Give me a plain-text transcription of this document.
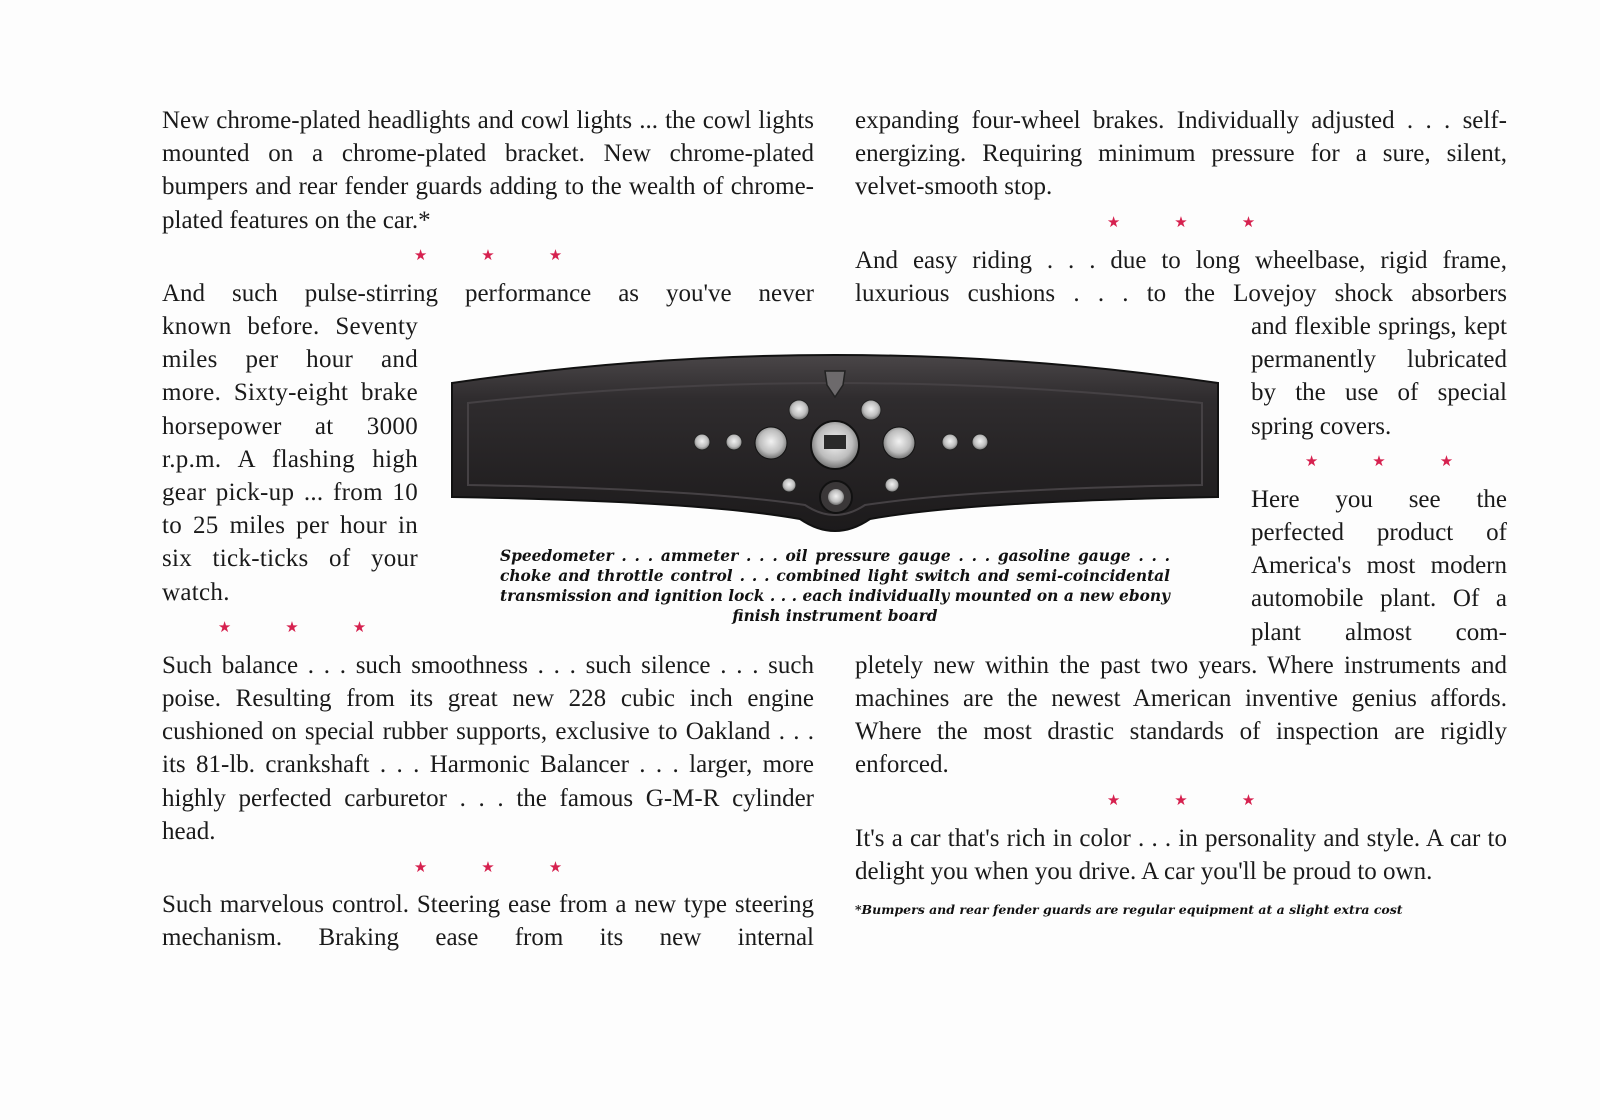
New chrome-plated headlights and cowl lights ... the cowl lights mounted on a chrome-plated bracket. New chrome-plated bumpers and rear fender guards adding to the wealth of chrome-plated features on the car.*

★	★	★

And such pulse-stirring performance as you've never

known before. Seventy miles per hour and more. Sixty-eight brake horsepower at 3000 r.p.m. A flashing high gear pick-up ... from 10 to 25 miles per hour in six tick-ticks of your watch.

★	★	★

Such balance . . . such smoothness . . . such silence . . . such poise. Resulting from its great new 228 cubic inch engine cushioned on special rubber supports, exclusive to Oakland . . . its 81-lb. crankshaft . . . Harmonic Balancer . . . larger, more highly perfected carburetor . . . the famous G-M-R cylinder head.

★	★	★

Such marvelous control. Steering ease from a new type steering mechanism. Braking ease from its new internal

expanding four-wheel brakes. Individually adjusted . . . self-energizing. Requiring minimum pressure for a sure, silent, velvet-smooth stop.

★	★	★

And easy riding . . . due to long wheelbase, rigid frame, luxurious cushions . . . to the Lovejoy shock absorbers

and flexible springs, kept permanently lubricated by the use of special spring covers.

★	★	★

Here you see the perfected product of America's most modern automobile plant. Of a plant almost com-

pletely new within the past two years. Where instruments and machines are the newest American inventive genius affords. Where the most drastic standards of inspection are rigidly enforced.

★	★	★

It's a car that's rich in color . . . in personality and style. A car to delight you when you drive. A car you'll be proud to own.

*Bumpers and rear fender guards are regular equipment at a slight extra cost
Speedometer . . . ammeter . . . oil pressure gauge . . . gasoline gauge . . . choke and throttle control . . . combined light switch and semi-coincidental transmission and ignition lock . . . each individually mounted on a new ebony finish instrument board
